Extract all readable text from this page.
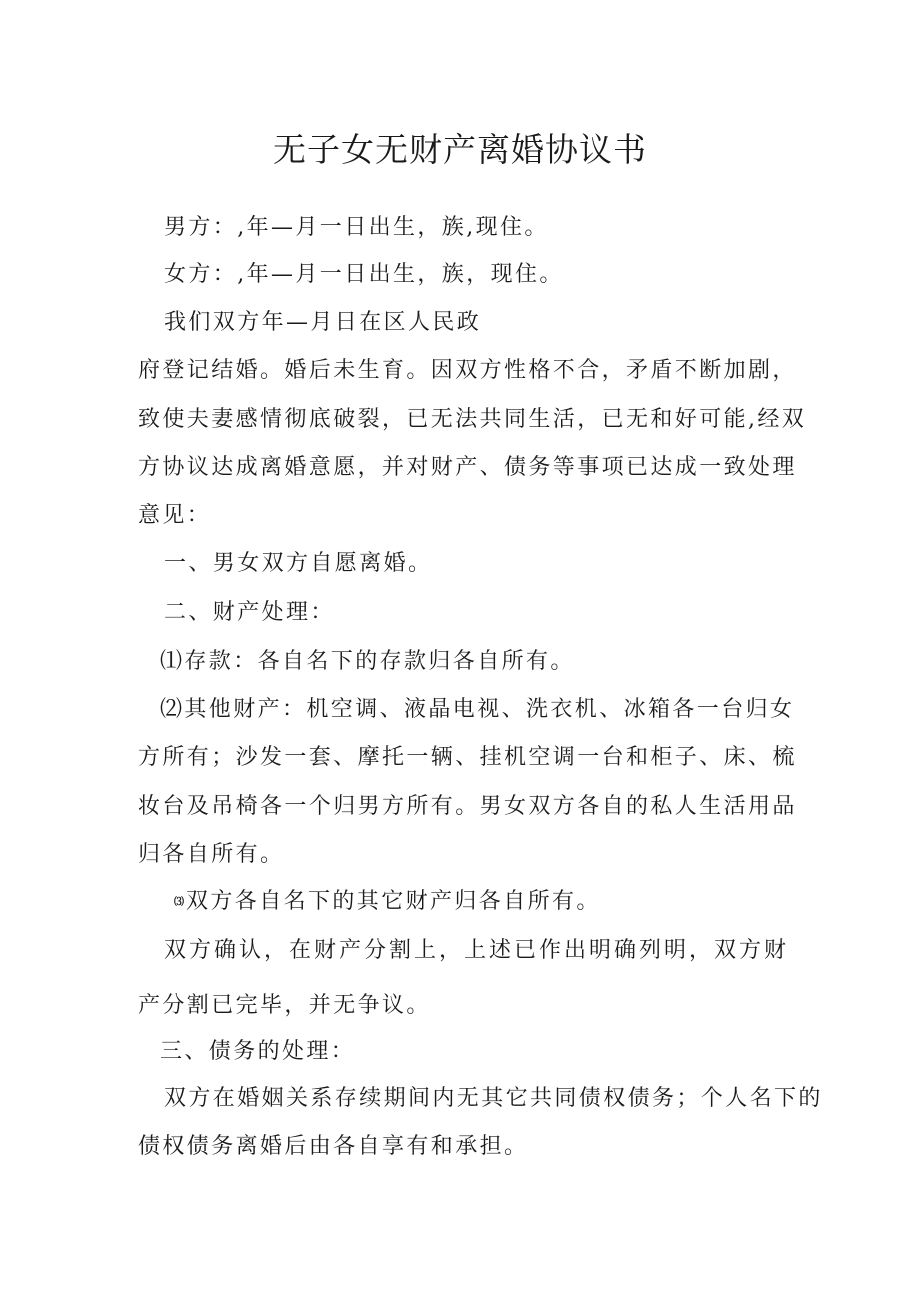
无子女无财产离婚协议书

男方：,年—月一日出生，族,现住。

女方：,年—月一日出生，族，现住。

我们双方年—月日在区人民政

府登记结婚。婚后未生育。因双方性格不合，矛盾不断加剧，

致使夫妻感情彻底破裂，已无法共同生活，已无和好可能,经双

方协议达成离婚意愿，并对财产、债务等事项已达成一致处理

意见：

一、男女双方自愿离婚。

二、财产处理：

⑴存款：各自名下的存款归各自所有。

⑵其他财产：机空调、液晶电视、洗衣机、冰箱各一台归女

方所有；沙发一套、摩托一辆、挂机空调一台和柜子、床、梳

妆台及吊椅各一个归男方所有。男女双方各自的私人生活用品

归各自所有。

⑶双方各自名下的其它财产归各自所有。

双方确认，在财产分割上，上述已作出明确列明，双方财

产分割已完毕，并无争议。

三、债务的处理：

双方在婚姻关系存续期间内无其它共同债权债务；个人名下的

债权债务离婚后由各自享有和承担。
